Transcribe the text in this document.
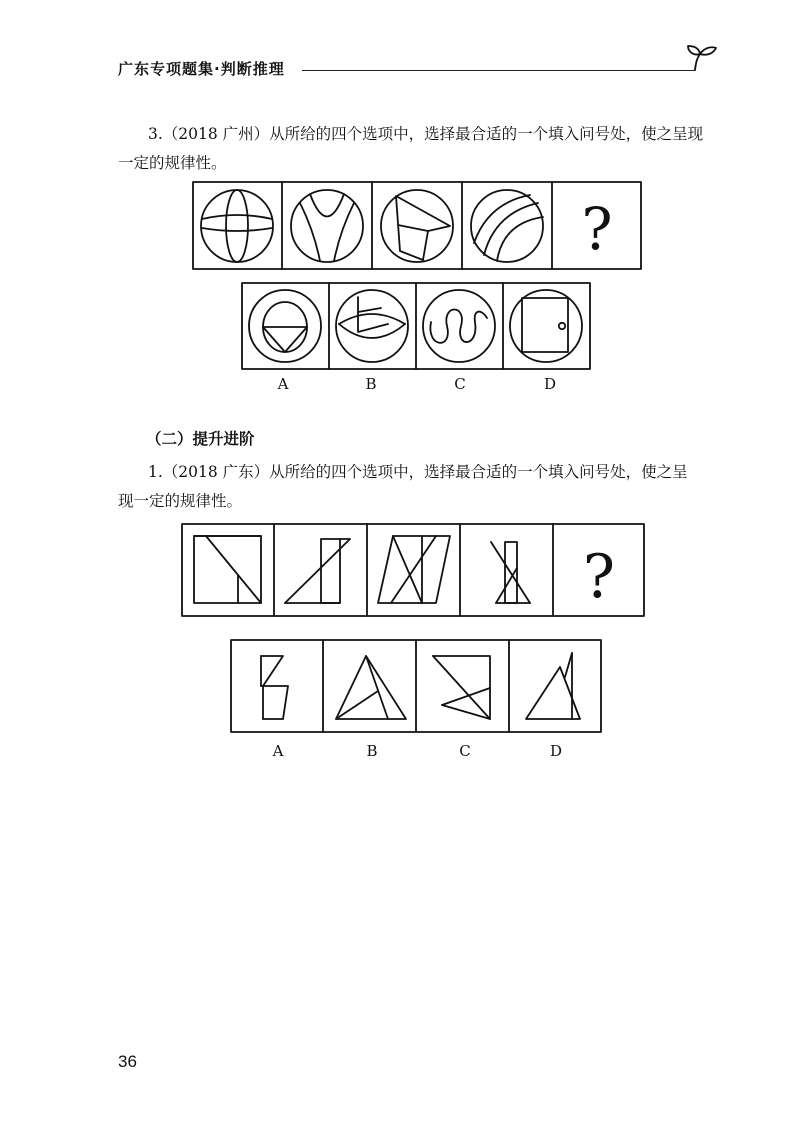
广东专项题集·判断推理
3.（2018 广州）从所给的四个选项中，选择最合适的一个填入问号处，使之呈现
一定的规律性。
?
A	B	C	D
（二）提升进阶
1.（2018 广东）从所给的四个选项中，选择最合适的一个填入问号处，使之呈
现一定的规律性。
?
A	B	C	D
36
